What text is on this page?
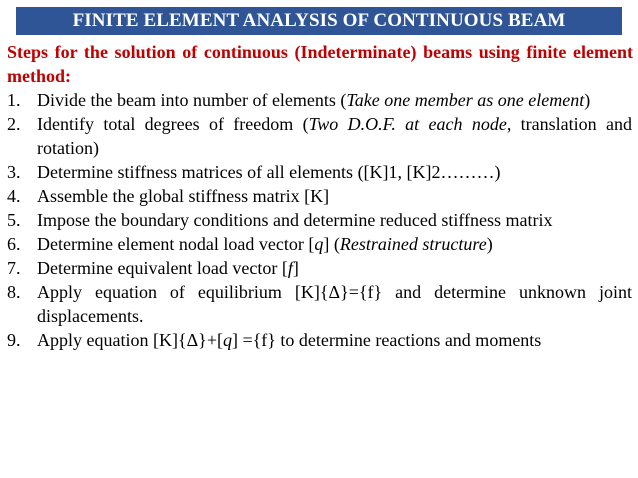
FINITE ELEMENT ANALYSIS OF CONTINUOUS BEAM
Steps for the solution of continuous (Indeterminate) beams using finite element method:
1. Divide the beam into number of elements (Take one member as one element)
2. Identify total degrees of freedom (Two D.O.F. at each node, translation and rotation)
3. Determine stiffness matrices of all elements ([K]1, [K]2………)
4. Assemble the global stiffness matrix [K]
5. Impose the boundary conditions and determine reduced stiffness matrix
6. Determine element nodal load vector [q] (Restrained structure)
7. Determine equivalent load vector [f]
8. Apply equation of equilibrium [K]{Δ}={f} and determine unknown joint displacements.
9. Apply equation [K]{Δ}+[q] ={f} to determine reactions and moments
